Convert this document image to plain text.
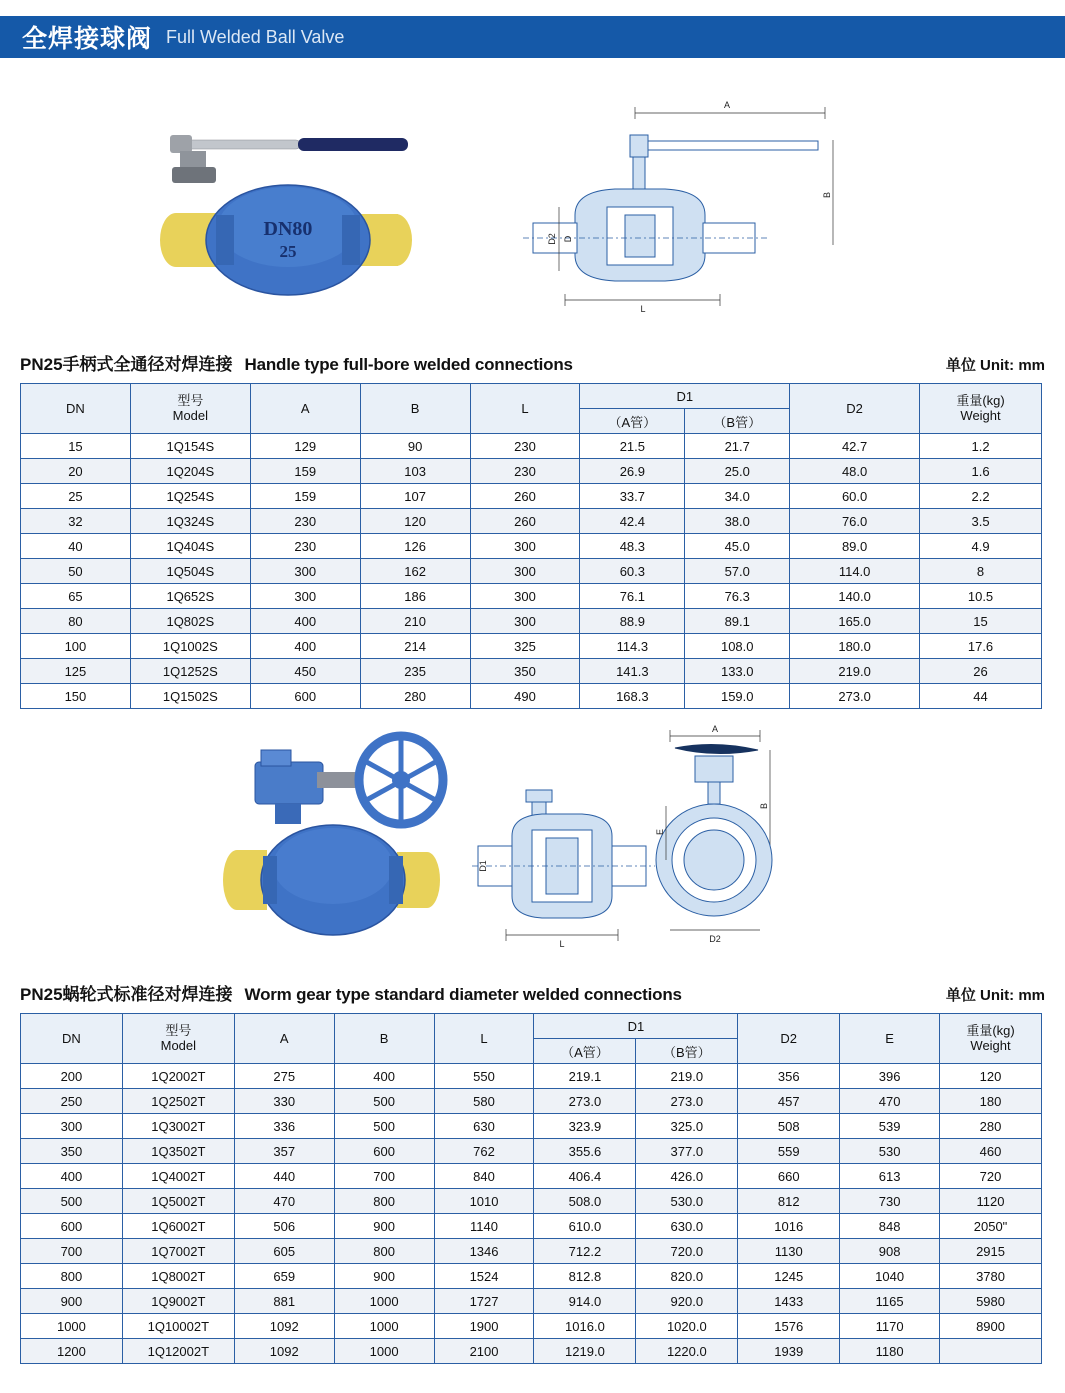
全焊接球阀 Full Welded Ball Valve
DN80
25
A
B
D2 D
L
PN25手柄式全通径对焊连接 Handle type full-bore welded connections	单位 Unit: mm
DN	型号
Model	A	B	L	D1		D2	重量(kg)
Weight

					（A管）	（B管）		
15	1Q154S	129	90	230	21.5	21.7	42.7	1.2
20	1Q204S	159	103	230	26.9	25.0	48.0	1.6
25	1Q254S	159	107	260	33.7	34.0	60.0	2.2
32	1Q324S	230	120	260	42.4	38.0	76.0	3.5
40	1Q404S	230	126	300	48.3	45.0	89.0	4.9
50	1Q504S	300	162	300	60.3	57.0	114.0	8
65	1Q652S	300	186	300	76.1	76.3	140.0	10.5
80	1Q802S	400	210	300	88.9	89.1	165.0	15
100	1Q1002S	400	214	325	114.3	108.0	180.0	17.6
125	1Q1252S	450	235	350	141.3	133.0	219.0	26
150	1Q1502S	600	280	490	168.3	159.0	273.0	44
D1
L
A
B
E
D2
PN25蜗轮式标准径对焊连接 Worm gear type standard diameter welded connections	单位 Unit: mm
DN	型号
Model	A	B	L	D1		D2	E	重量(kg)
Weight

					（A管）	（B管）			
200	1Q2002T	275	400	550	219.1	219.0	356	396	120
250	1Q2502T	330	500	580	273.0	273.0	457	470	180
300	1Q3002T	336	500	630	323.9	325.0	508	539	280
350	1Q3502T	357	600	762	355.6	377.0	559	530	460
400	1Q4002T	440	700	840	406.4	426.0	660	613	720
500	1Q5002T	470	800	1010	508.0	530.0	812	730	1120
600	1Q6002T	506	900	1140	610.0	630.0	1016	848	2050"
700	1Q7002T	605	800	1346	712.2	720.0	1130	908	2915
800	1Q8002T	659	900	1524	812.8	820.0	1245	1040	3780
900	1Q9002T	881	1000	1727	914.0	920.0	1433	1165	5980
1000	1Q10002T	1092	1000	1900	1016.0	1020.0	1576	1170	8900
1200	1Q12002T	1092	1000	2100	1219.0	1220.0	1939	1180	
